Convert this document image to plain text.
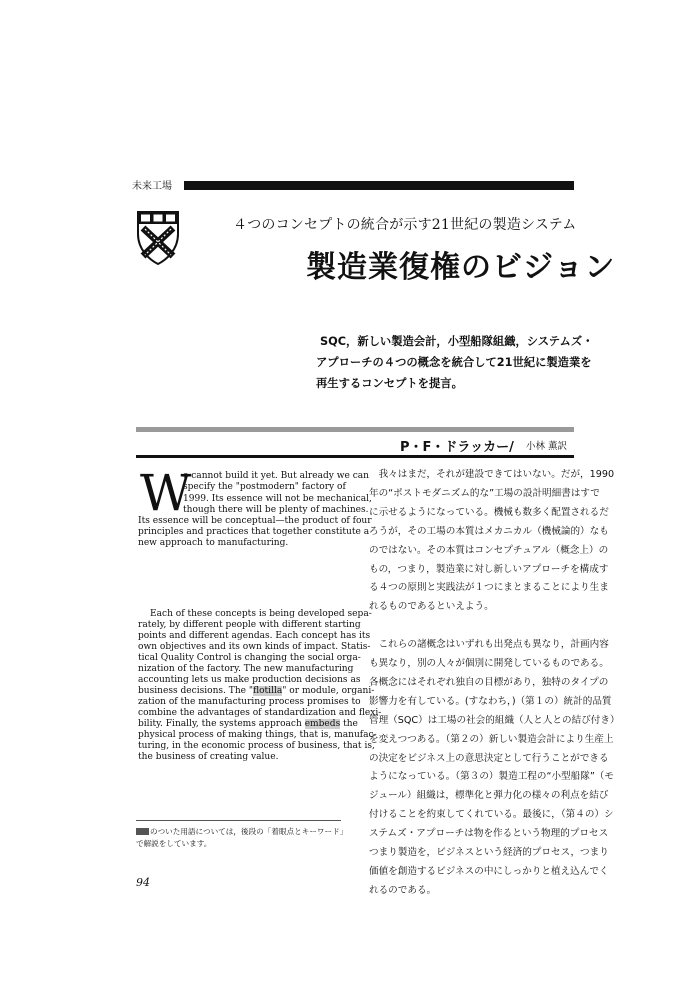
未来工場
４つのコンセプトの統合が示す21世紀の製造システム
製造業復権のビジョン
SQC，新しい製造会計，小型船隊組織，システムズ・
アプローチの４つの概念を統合して21世紀に製造業を
再生するコンセプトを提言。
P・F・ドラッカー/ 小林 薫訳
W
e cannot build it yet. But already we can
specify the "postmodern" factory of
1999. Its essence will not be mechanical,
though there will be plenty of machines.
Its essence will be conceptual—the product of four
principles and practices that together constitute a
new approach to manufacturing.
Each of these concepts is being developed sepa-
rately, by different people with different starting
points and different agendas. Each concept has its
own objectives and its own kinds of impact. Statis-
tical Quality Control is changing the social orga-
nization of the factory. The new manufacturing
accounting lets us make production decisions as
business decisions. The "flotilla" or module, organi-
zation of the manufacturing process promises to
combine the advantages of standardization and flexi-
bility. Finally, the systems approach embeds the
physical process of making things, that is, manufac-
turing, in the economic process of business, that is,
the business of creating value.
　我々はまだ，それが建設できてはいない。だが，1990
年の“ポストモダニズム的な”工場の設計明細書はすで
に示せるようになっている。機械も数多く配置されるだ
ろうが，その工場の本質はメカニカル（機械論的）なも
のではない。その本質はコンセプチュアル（概念上）の
もの，つまり，製造業に対し新しいアプローチを構成す
る４つの原則と実践法が１つにまとまることにより生ま
れるものであるといえよう。
　これらの諸概念はいずれも出発点も異なり，計画内容
も異なり，別の人々が個別に開発しているものである。
各概念にはそれぞれ独自の目標があり，独特のタイプの
影響力を有している。(すなわち，)（第１の）統計的品質
管理（SQC）は工場の社会的組織（人と人との結び付き）
を変えつつある。（第２の）新しい製造会計により生産上
の決定をビジネス上の意思決定として行うことができる
ようになっている。（第３の）製造工程の“小型船隊”（モ
ジュール）組織は，標準化と弾力化の様々の利点を結び
付けることを約束してくれている。最後に，（第４の）シ
ステムズ・アプローチは物を作るという物理的プロセス
つまり製造を，ビジネスという経済的プロセス，つまり
価値を創造するビジネスの中にしっかりと植え込んでく
れるのである。
のついた用語については，後段の「着眼点とキーワード」
で解説をしています。
94
